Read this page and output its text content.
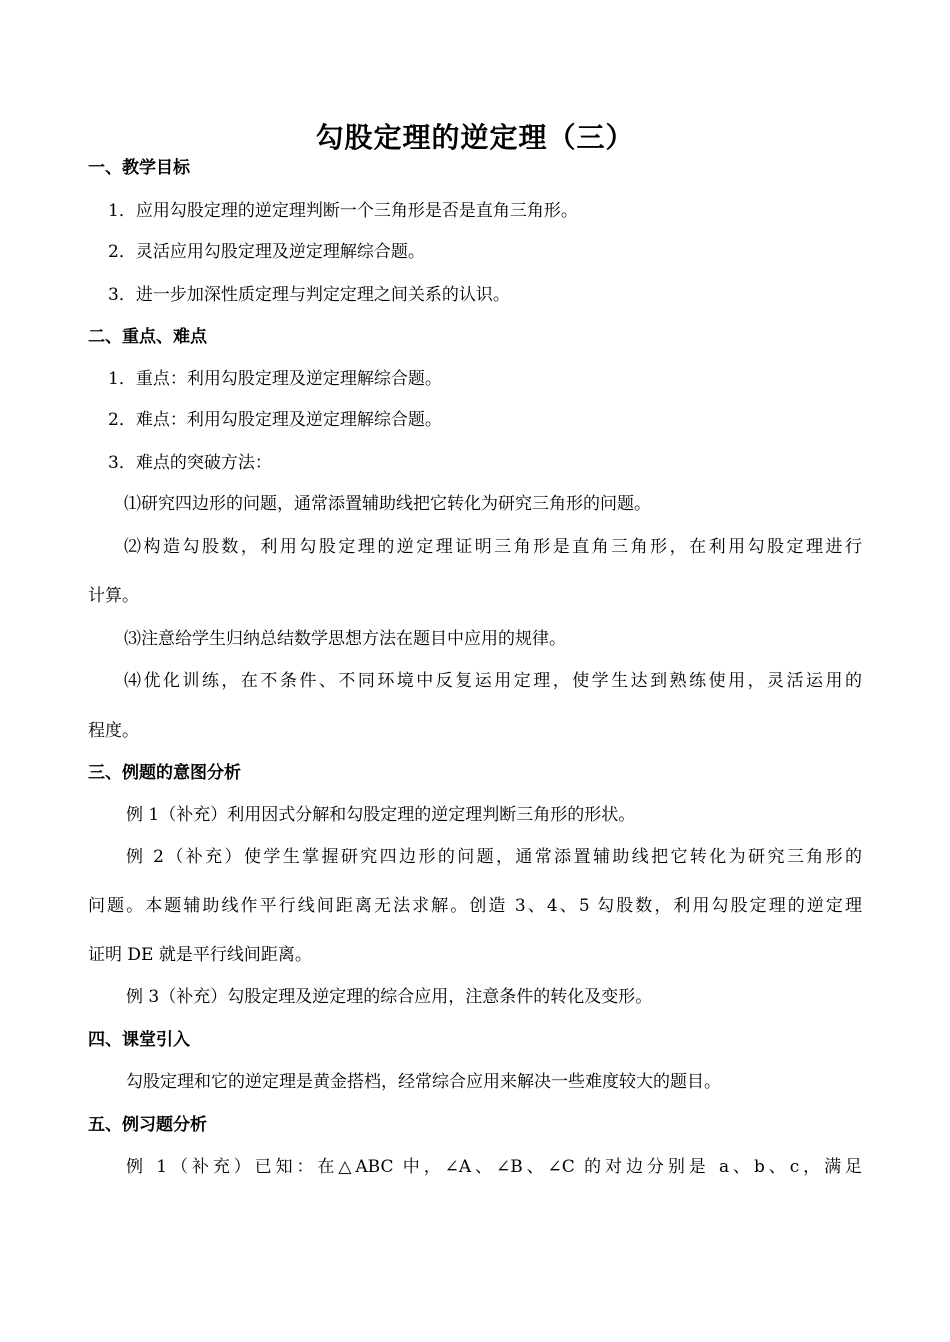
勾股定理的逆定理（三）
一、教学目标
1．应用勾股定理的逆定理判断一个三角形是否是直角三角形。
2．灵活应用勾股定理及逆定理解综合题。
3．进一步加深性质定理与判定定理之间关系的认识。
二、重点、难点
1．重点：利用勾股定理及逆定理解综合题。
2．难点：利用勾股定理及逆定理解综合题。
3．难点的突破方法：
⑴研究四边形的问题，通常添置辅助线把它转化为研究三角形的问题。
⑵构造勾股数，利用勾股定理的逆定理证明三角形是直角三角形，在利用勾股定理进行
计算。
⑶注意给学生归纳总结数学思想方法在题目中应用的规律。
⑷优化训练，在不条件、不同环境中反复运用定理，使学生达到熟练使用，灵活运用的
程度。
三、例题的意图分析
例 1（补充）利用因式分解和勾股定理的逆定理判断三角形的形状。
例 2（补充）使学生掌握研究四边形的问题，通常添置辅助线把它转化为研究三角形的
问题。本题辅助线作平行线间距离无法求解。创造 3、4、5 勾股数，利用勾股定理的逆定理
证明 DE 就是平行线间距离。
例 3（补充）勾股定理及逆定理的综合应用，注意条件的转化及变形。
四、课堂引入
勾股定理和它的逆定理是黄金搭档，经常综合应用来解决一些难度较大的题目。
五、例习题分析
例 1（补充）已知：在△ABC 中，∠A、∠B、∠C 的对边分别是 a、b、c，满足
